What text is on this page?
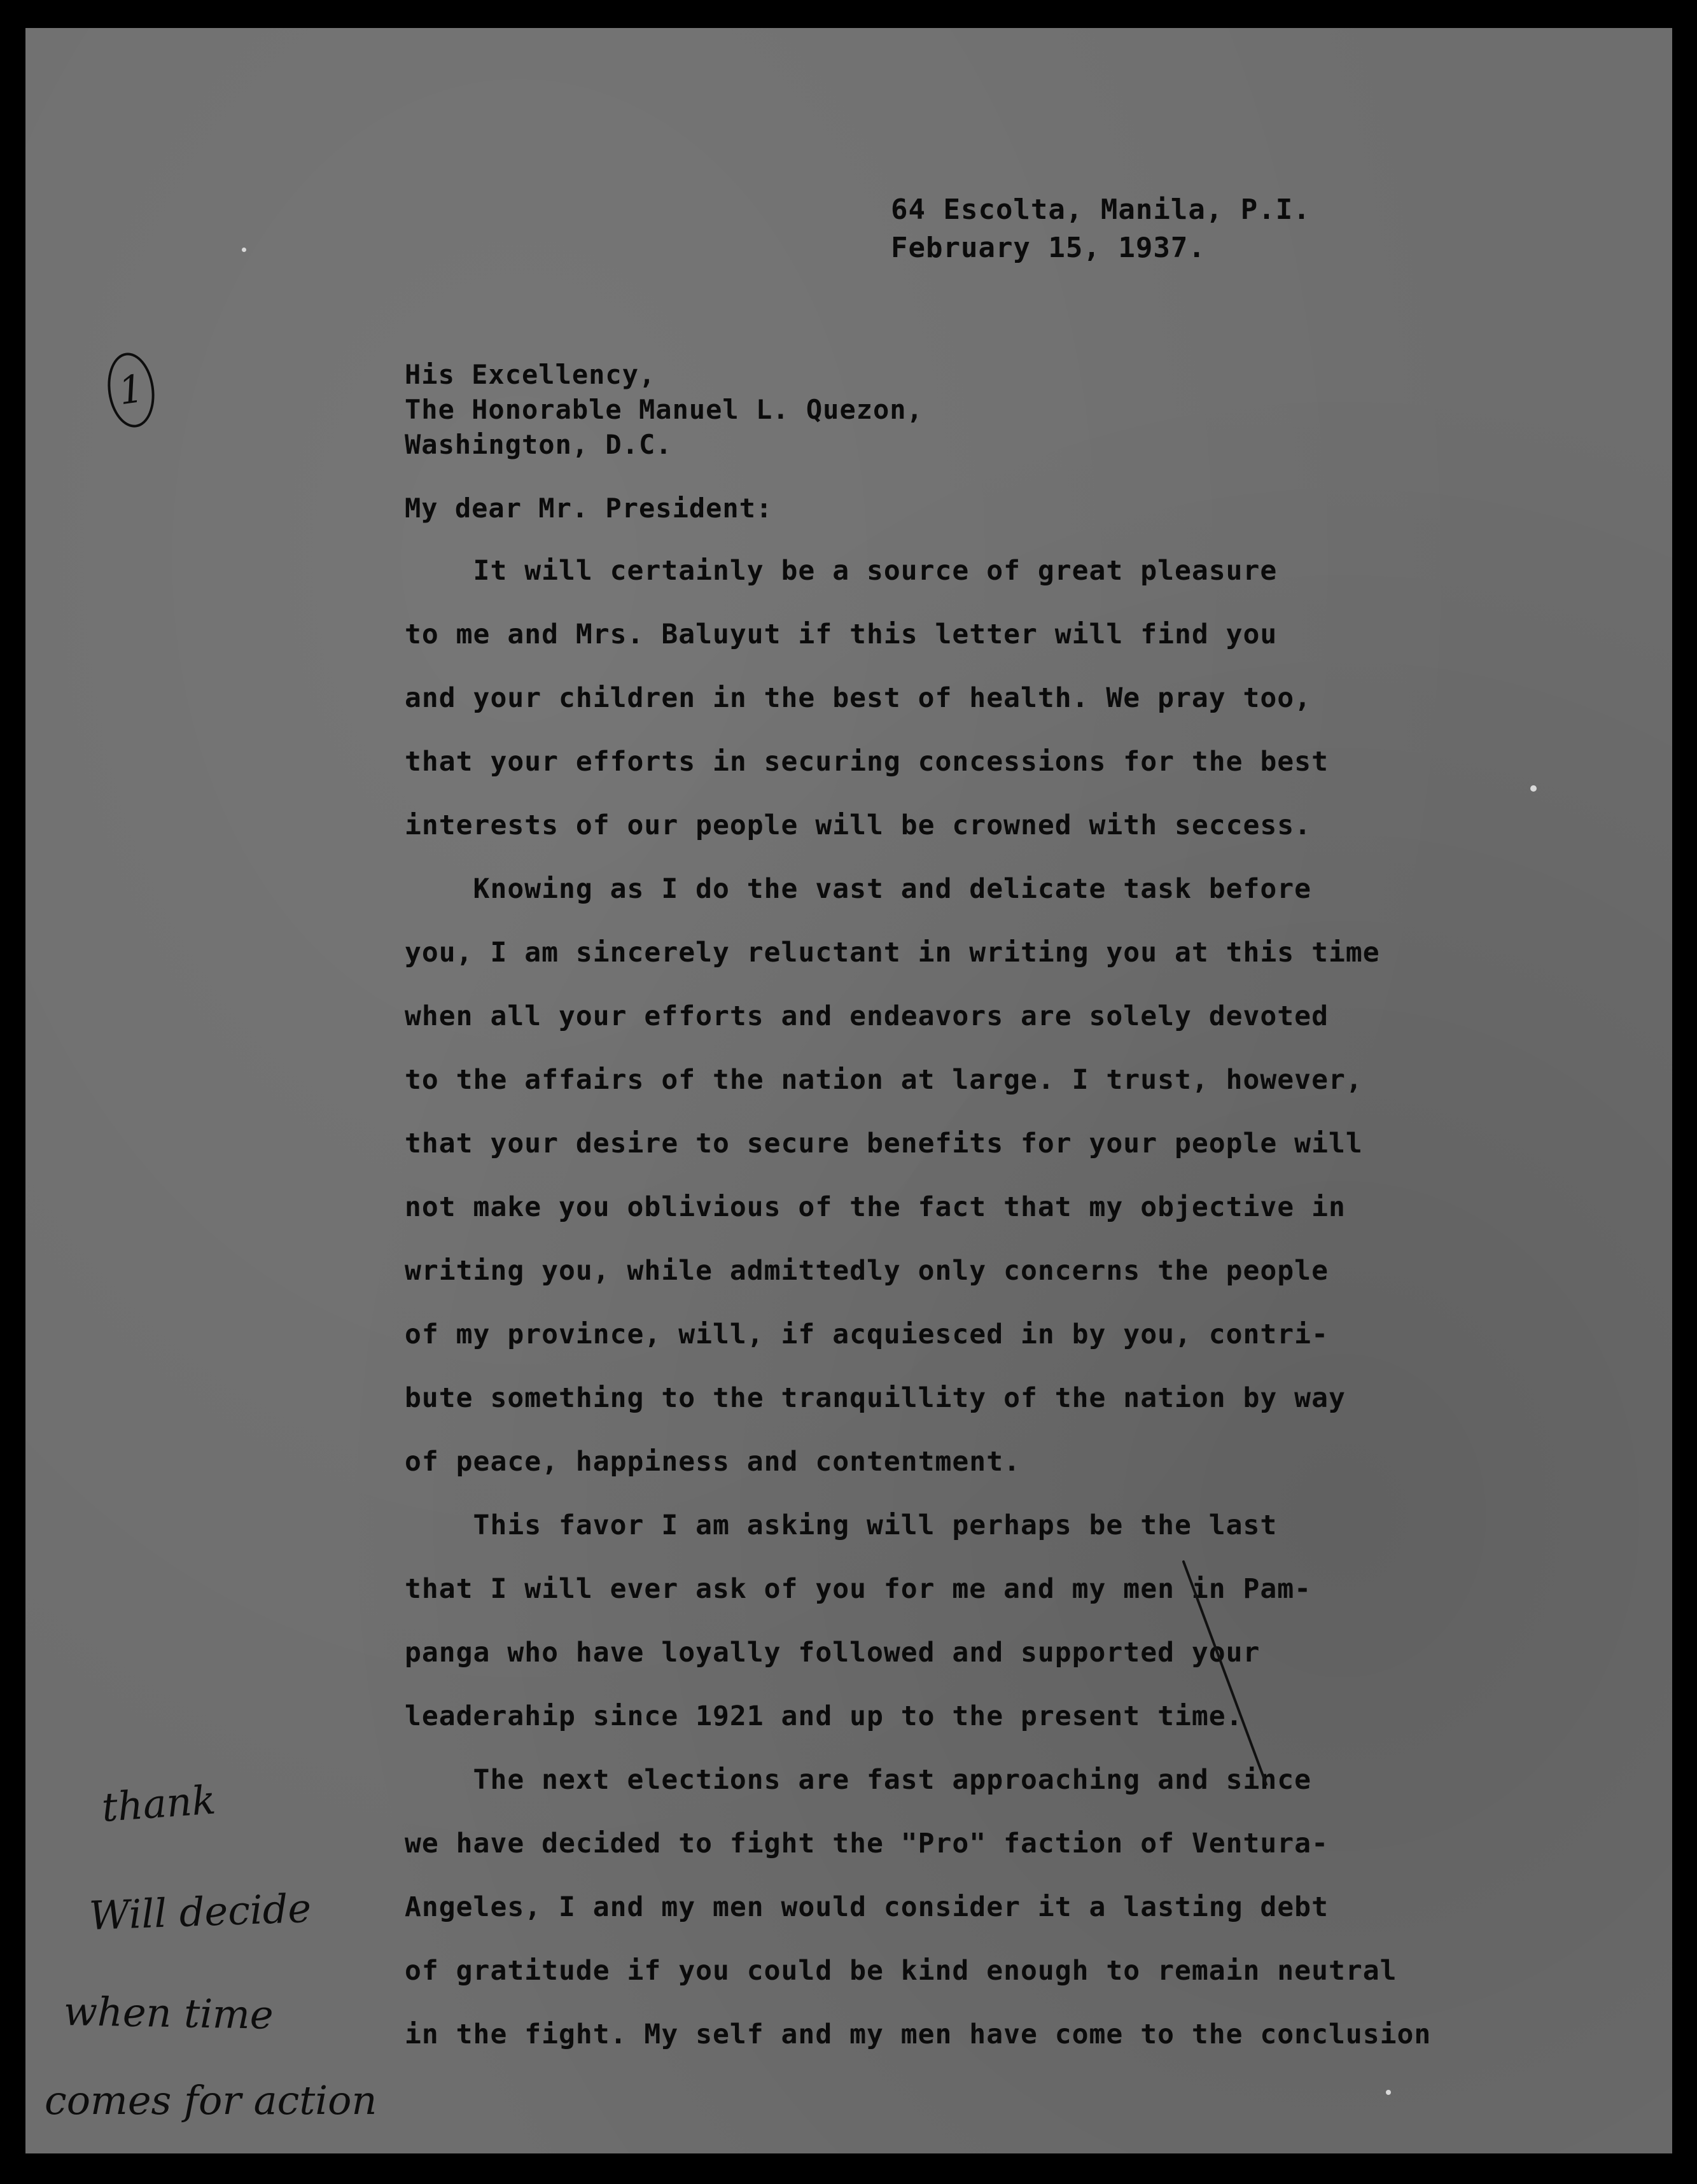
64 Escolta, Manila, P.I.
February 15, 1937.
His Excellency,
The Honorable Manuel L. Quezon,
Washington, D.C.
My dear Mr. President:
It will certainly be a source of great pleasure
to me and Mrs. Baluyut if this letter will find you
and your children in the best of health. We pray too,
that your efforts in securing concessions for the best
interests of our people will be crowned with seccess.
Knowing as I do the vast and delicate task before
you, I am sincerely reluctant in writing you at this time
when all your efforts and endeavors are solely devoted
to the affairs of the nation at large. I trust, however,
that your desire to secure benefits for your people will
not make you oblivious of the fact that my objective in
writing you, while admittedly only concerns the people
of my province, will, if acquiesced in by you, contri-
bute something to the tranquillity of the nation by way
of peace, happiness and contentment.
This favor I am asking will perhaps be the last
that I will ever ask of you for me and my men in Pam-
panga who have loyally followed and supported your
leaderahip since 1921 and up to the present time.
The next elections are fast approaching and since
we have decided to fight the "Pro" faction of Ventura-
Angeles, I and my men would consider it a lasting debt
of gratitude if you could be kind enough to remain neutral
in the fight. My self and my men have come to the conclusion
1
thank
Will decide
when time
comes for action
